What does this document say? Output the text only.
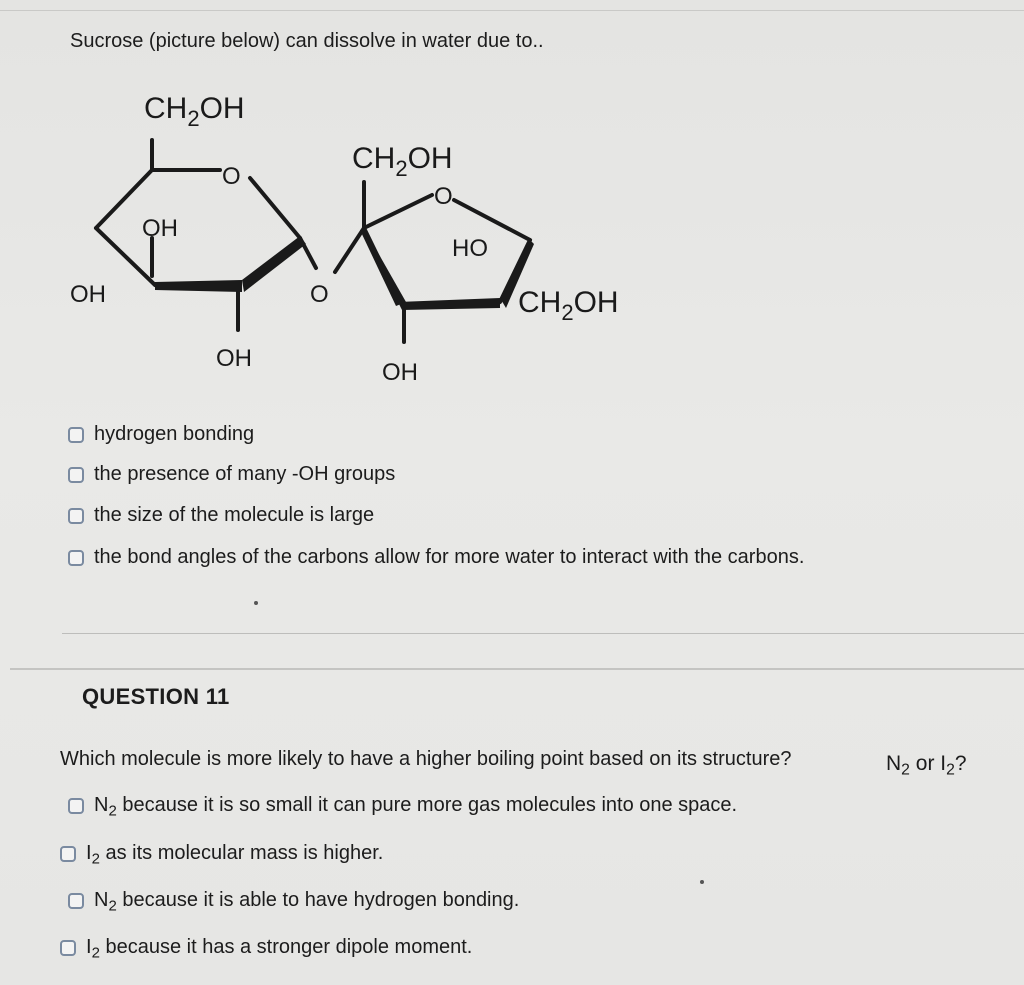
Sucrose (picture below) can dissolve in water due to..
$CH_2OH$
O
OH
OH
OH
O
$CH_2OH$
O
HO
$CH_2OH$
OH
hydrogen bonding
the presence of many -OH groups
the size of the molecule is large
the bond angles of the carbons allow for more water to interact with the carbons.
QUESTION 11
Which molecule is more likely to have a higher boiling point based on its structure?	$N_2$ or $I_2$?
$N_2$ because it is so small it can pure more gas molecules into one space.
$I_2$ as its molecular mass is higher.
$N_2$ because it is able to have hydrogen bonding.
$I_2$ because it has a stronger dipole moment.
